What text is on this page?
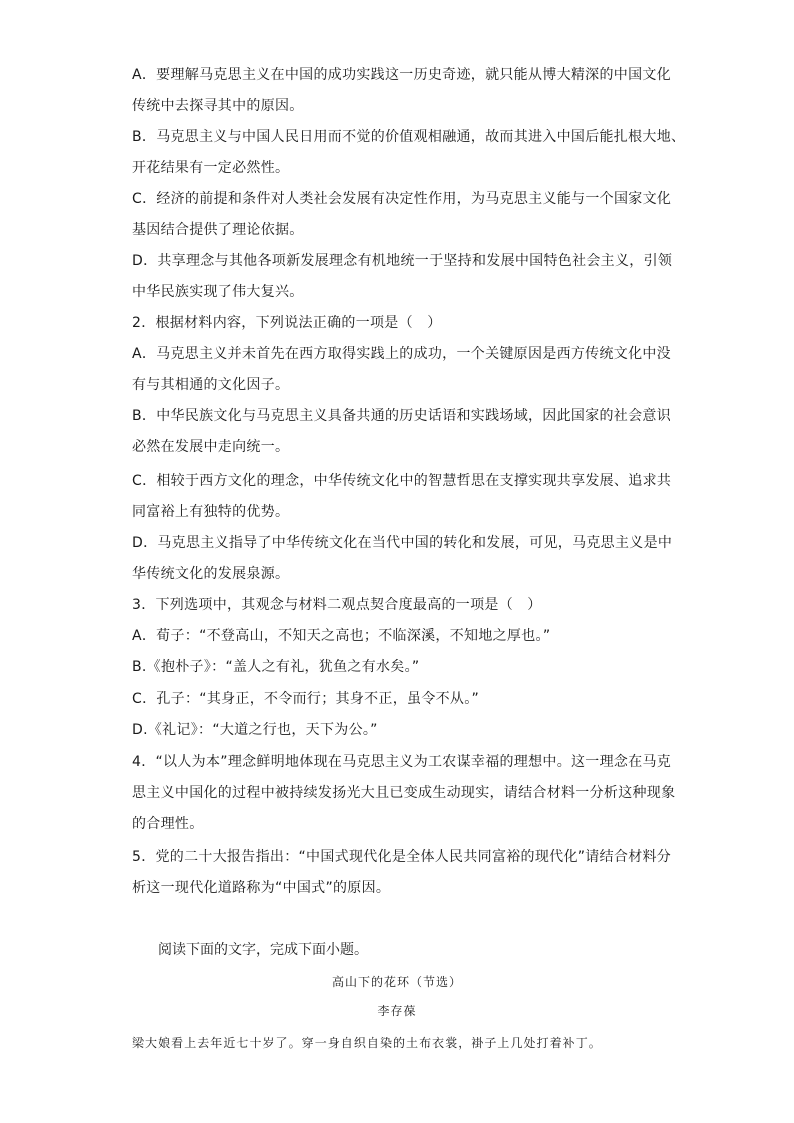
A．要理解马克思主义在中国的成功实践这一历史奇迹，就只能从博大精深的中国文化
传统中去探寻其中的原因。
B．马克思主义与中国人民日用而不觉的价值观相融通，故而其进入中国后能扎根大地、
开花结果有一定必然性。
C．经济的前提和条件对人类社会发展有决定性作用，为马克思主义能与一个国家文化
基因结合提供了理论依据。
D．共享理念与其他各项新发展理念有机地统一于坚持和发展中国特色社会主义，引领
中华民族实现了伟大复兴。
2．根据材料内容，下列说法正确的一项是（　）
A．马克思主义并未首先在西方取得实践上的成功，一个关键原因是西方传统文化中没
有与其相通的文化因子。
B．中华民族文化与马克思主义具备共通的历史话语和实践场域，因此国家的社会意识
必然在发展中走向统一。
C．相较于西方文化的理念，中华传统文化中的智慧哲思在支撑实现共享发展、追求共
同富裕上有独特的优势。
D．马克思主义指导了中华传统文化在当代中国的转化和发展，可见，马克思主义是中
华传统文化的发展泉源。
3．下列选项中，其观念与材料二观点契合度最高的一项是（　）
A．荀子：“不登高山，不知天之高也；不临深溪，不知地之厚也。”
B.《抱朴子》：“盖人之有礼，犹鱼之有水矣。”
C．孔子：“其身正，不令而行；其身不正，虽令不从。”
D.《礼记》：“大道之行也，天下为公。”
4．“以人为本”理念鲜明地体现在马克思主义为工农谋幸福的理想中。这一理念在马克
思主义中国化的过程中被持续发扬光大且已变成生动现实，请结合材料一分析这种现象
的合理性。
5．党的二十大报告指出：“中国式现代化是全体人民共同富裕的现代化”请结合材料分
析这一现代化道路称为“中国式”的原因。
阅读下面的文字，完成下面小题。
高山下的花环（节选）
李存葆
梁大娘看上去年近七十岁了。穿一身自织自染的土布衣裳，褂子上几处打着补丁。
